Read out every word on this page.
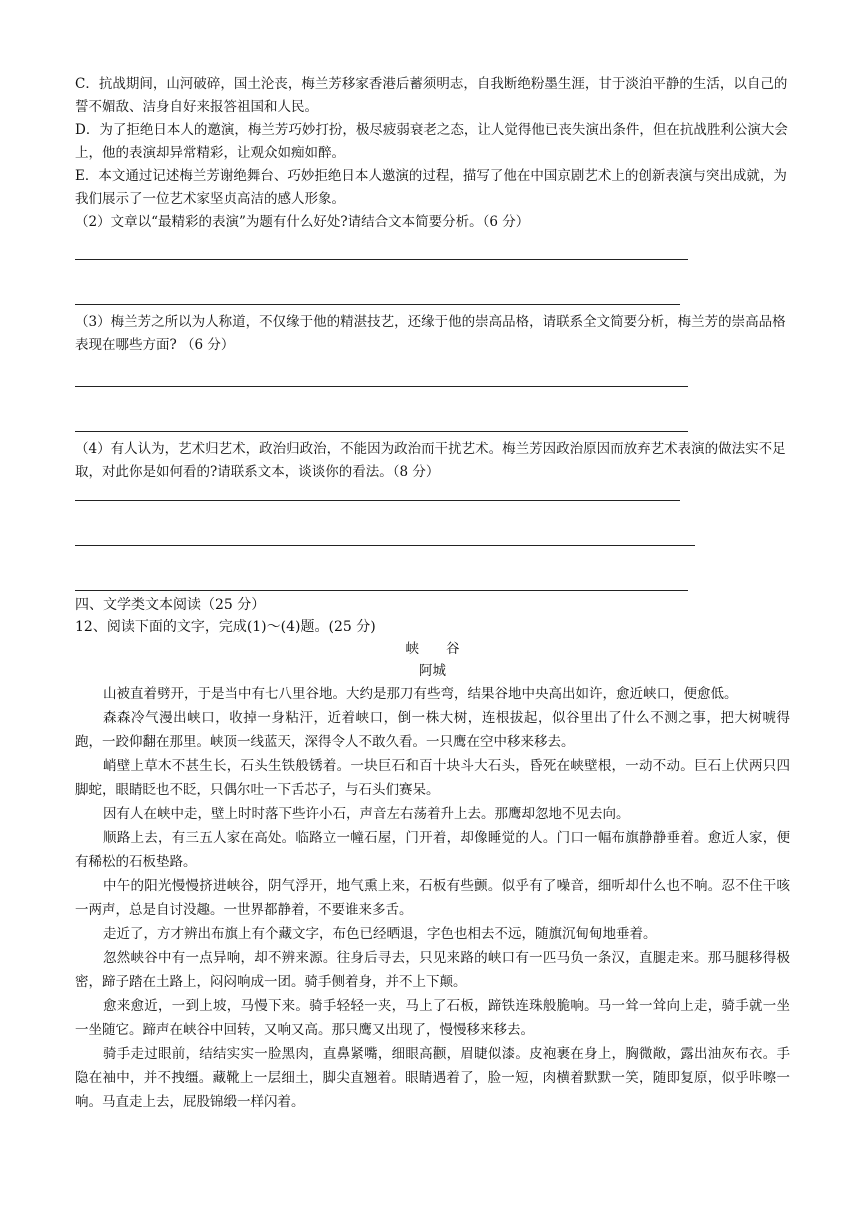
C．抗战期间，山河破碎，国土沦丧，梅兰芳移家香港后蓄须明志，自我断绝粉墨生涯，甘于淡泊平静的生活，以自己的誓不媚敌、洁身自好来报答祖国和人民。
D．为了拒绝日本人的邀演，梅兰芳巧妙打扮，极尽疲弱衰老之态，让人觉得他已丧失演出条件，但在抗战胜利公演大会上，他的表演却异常精彩，让观众如痴如醉。
E．本文通过记述梅兰芳谢绝舞台、巧妙拒绝日本人邀演的过程，描写了他在中国京剧艺术上的创新表演与突出成就，为我们展示了一位艺术家坚贞高洁的感人形象。
（2）文章以“最精彩的表演”为题有什么好处?请结合文本简要分析。（6 分）
（3）梅兰芳之所以为人称道，不仅缘于他的精湛技艺，还缘于他的崇高品格，请联系全文简要分析，梅兰芳的崇高品格表现在哪些方面? （6 分）
（4）有人认为，艺术归艺术，政治归政治，不能因为政治而干扰艺术。梅兰芳因政治原因而放弃艺术表演的做法实不足取，对此你是如何看的?请联系文本，谈谈你的看法。（8 分）
四、文学类文本阅读（25 分）
12、阅读下面的文字，完成(1)～(4)题。(25 分)
峡　　谷
阿城
山被直着劈开，于是当中有七八里谷地。大约是那刀有些弯，结果谷地中央高出如许，愈近峡口，便愈低。
森森冷气漫出峡口，收掉一身粘汗，近着峡口，倒一株大树，连根拔起，似谷里出了什么不测之事，把大树唬得跑，一跤仰翻在那里。峡顶一线蓝天，深得令人不敢久看。一只鹰在空中移来移去。
峭壁上草木不甚生长，石头生铁般锈着。一块巨石和百十块斗大石头，昏死在峡壁根，一动不动。巨石上伏两只四脚蛇，眼睛眨也不眨，只偶尔吐一下舌芯子，与石头们赛呆。
因有人在峡中走，壁上时时落下些许小石，声音左右荡着升上去。那鹰却忽地不见去向。
顺路上去，有三五人家在高处。临路立一幢石屋，门开着，却像睡觉的人。门口一幅布旗静静垂着。愈近人家，便有稀松的石板垫路。
中午的阳光慢慢挤进峡谷，阴气浮开，地气熏上来，石板有些颤。似乎有了噪音，细听却什么也不响。忍不住干咳一两声，总是自讨没趣。一世界都静着，不要谁来多舌。
走近了，方才辨出布旗上有个藏文字，布色已经晒退，字色也相去不远，随旗沉甸甸地垂着。
忽然峡谷中有一点异响，却不辨来源。往身后寻去，只见来路的峡口有一匹马负一条汉，直腿走来。那马腿移得极密，蹄子踏在土路上，闷闷响成一团。骑手侧着身，并不上下颠。
愈来愈近，一到上坡，马慢下来。骑手轻轻一夹，马上了石板，蹄铁连珠般脆响。马一耸一耸向上走，骑手就一坐一坐随它。蹄声在峡谷中回转，又响又高。那只鹰又出现了，慢慢移来移去。
骑手走过眼前，结结实实一脸黑肉，直鼻紧嘴，细眼高颧，眉睫似漆。皮袍裹在身上，胸微敞，露出油灰布衣。手隐在袖中，并不拽缰。藏靴上一层细土，脚尖直翘着。眼睛遇着了，脸一短，肉横着默默一笑，随即复原，似乎咔嚓一响。马直走上去，屁股锦缎一样闪着。
